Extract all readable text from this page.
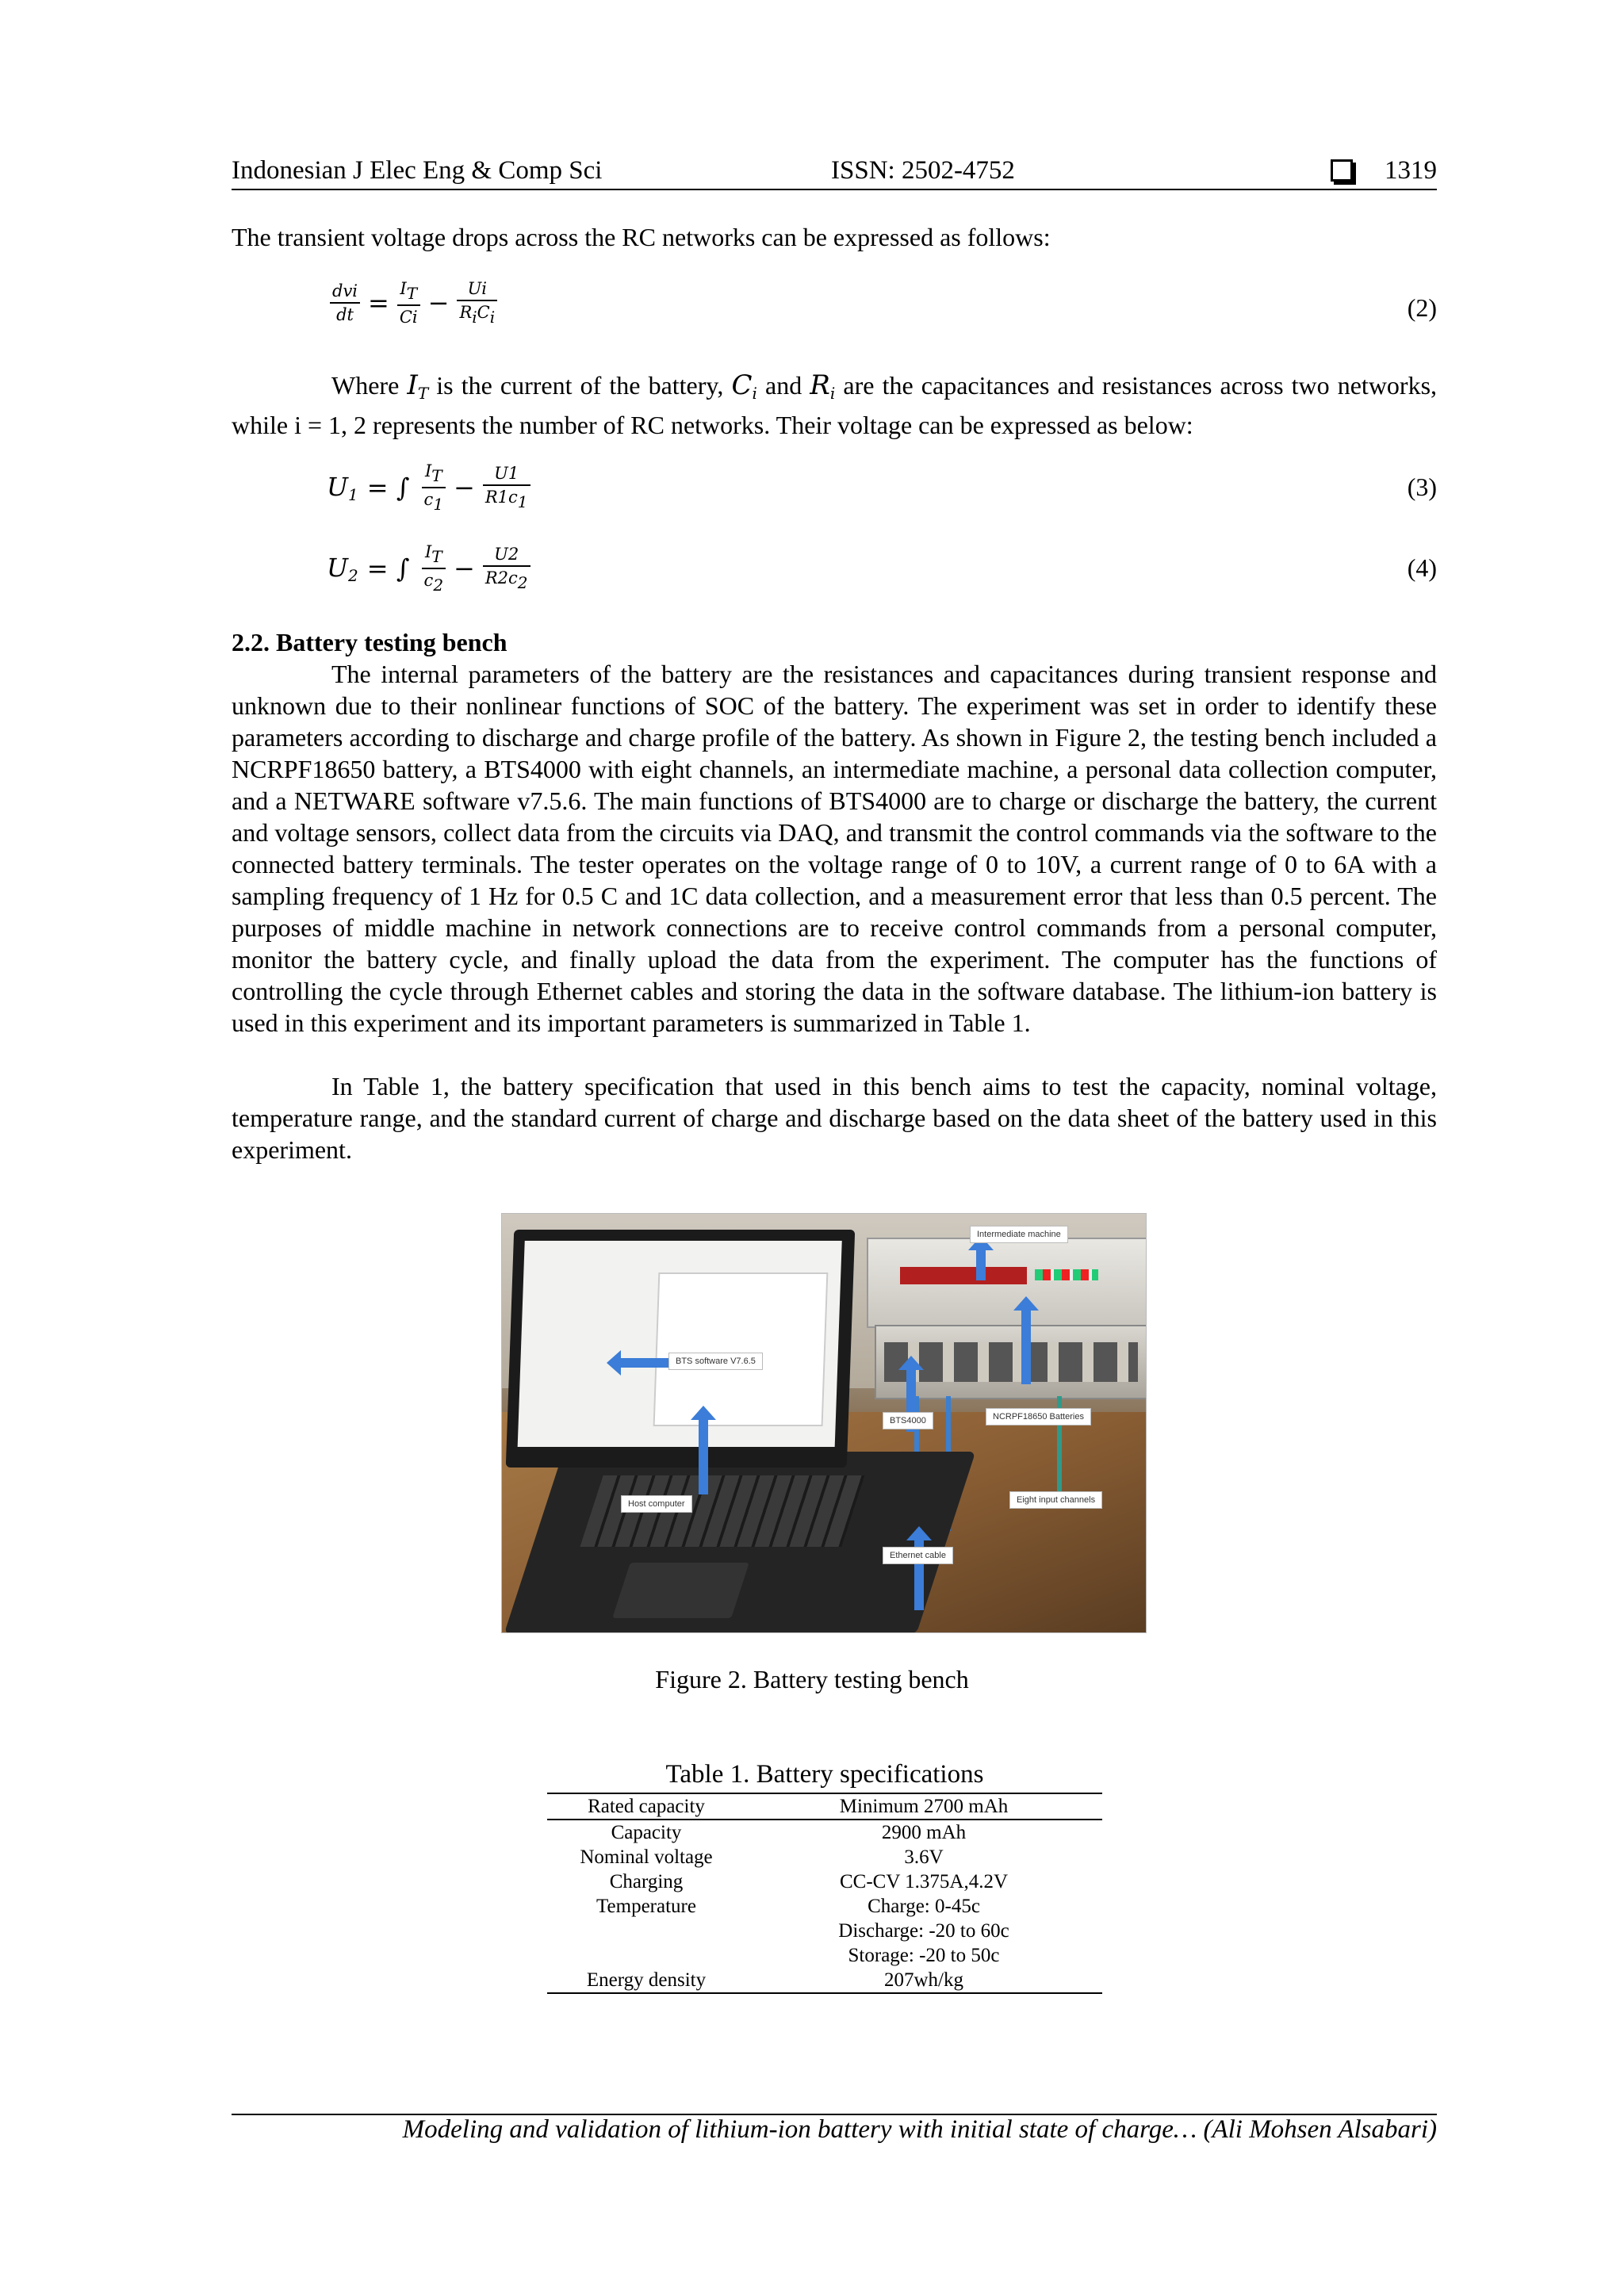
Indonesian J Elec Eng & Comp Sci	ISSN: 2502-4752	1319
The transient voltage drops across the RC networks can be expressed as follows:
$\frac{\text{dvi}}{dt} = \frac{IT}{Ci} - \frac{Ui}{\text{RiCi}}$	(2)
Where $I_T$ is the current of the battery, $C_i$ and $R_i$ are the capacitances and resistances across two networks, while i = 1, 2 represents the number of RC networks. Their voltage can be expressed as below:
$U_1$ = ∫ $\frac{IT}{c1} - \frac{U1}{R1c1}$	(3)
$U_2$ = ∫ $\frac{IT}{c2} - \frac{U2}{R2c2}$	(4)
2.2. Battery testing bench
The internal parameters of the battery are the resistances and capacitances during transient response and unknown due to their nonlinear functions of SOC of the battery. The experiment was set in order to identify these parameters according to discharge and charge profile of the battery. As shown in Figure 2, the testing bench included a NCRPF18650 battery, a BTS4000 with eight channels, an intermediate machine, a personal data collection computer, and a NETWARE software v7.5.6. The main functions of BTS4000 are to charge or discharge the battery, the current and voltage sensors, collect data from the circuits via DAQ, and transmit the control commands via the software to the connected battery terminals. The tester operates on the voltage range of 0 to 10V, a current range of 0 to 6A with a sampling frequency of 1 Hz for 0.5 C and 1C data collection, and a measurement error that less than 0.5 percent. The purposes of middle machine in network connections are to receive control commands from a personal computer, monitor the battery cycle, and finally upload the data from the experiment. The computer has the functions of controlling the cycle through Ethernet cables and storing the data in the software database. The lithium-ion battery is used in this experiment and its important parameters is summarized in Table 1.
In Table 1, the battery specification that used in this bench aims to test the capacity, nominal voltage, temperature range, and the standard current of charge and discharge based on the data sheet of the battery used in this experiment.
Intermediate machine
BTS software V7.6.5
BTS4000	NCRPF18650 Batteries
Host computer	Eight input channels
Ethernet cable
Figure 2. Battery testing bench
Table 1. Battery specifications
Rated capacity	Minimum 2700 mAh
Capacity	2900 mAh
Nominal voltage	3.6V
Charging	CC-CV 1.375A,4.2V
Temperature	Charge: 0-45c
	Discharge: -20 to 60c
	Storage: -20 to 50c
Energy density	207wh/kg
Modeling and validation of lithium-ion battery with initial state of charge… (Ali Mohsen Alsabari)
